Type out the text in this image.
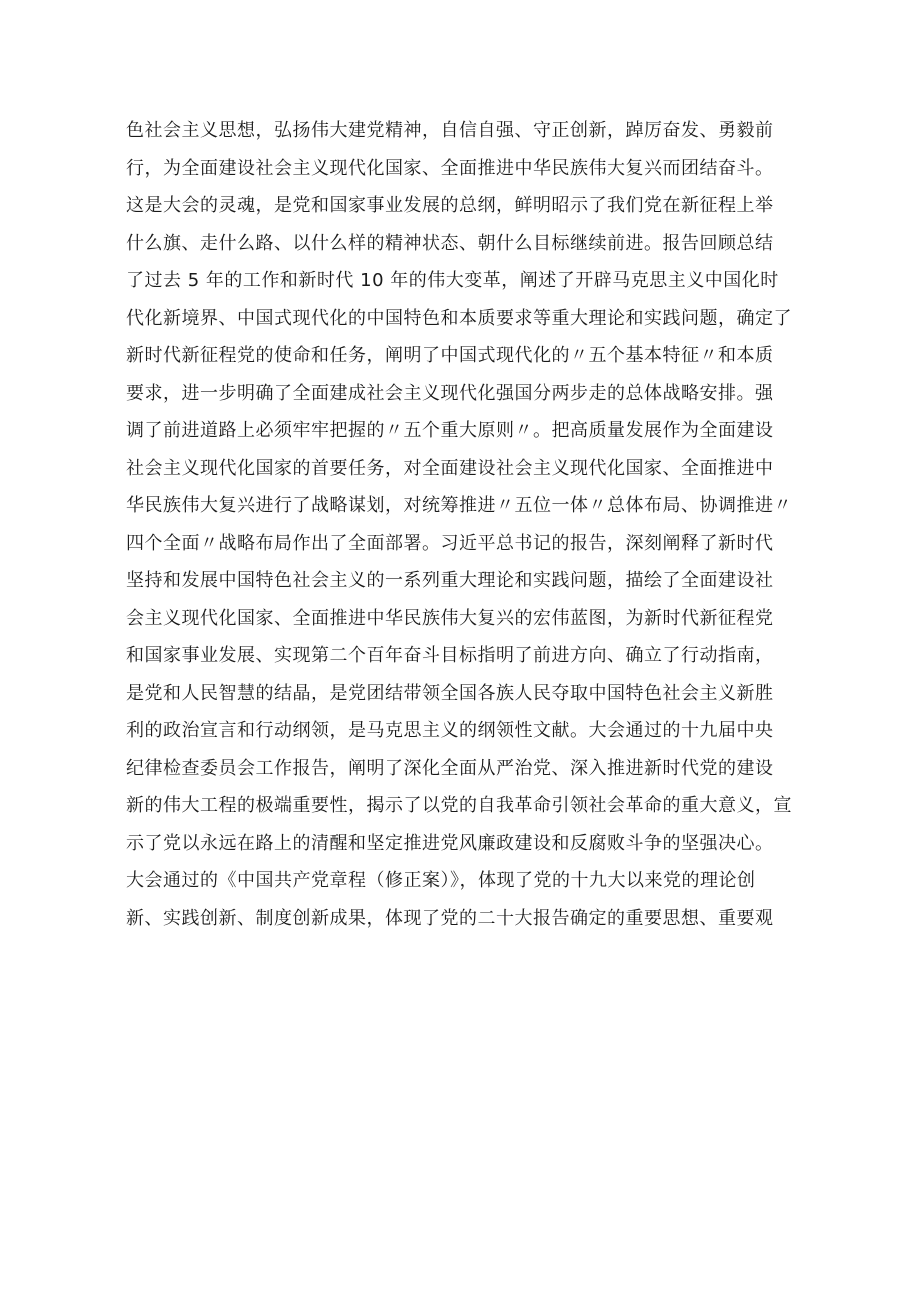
色社会主义思想，弘扬伟大建党精神，自信自强、守正创新，踔厉奋发、勇毅前
行，为全面建设社会主义现代化国家、全面推进中华民族伟大复兴而团结奋斗。
这是大会的灵魂，是党和国家事业发展的总纲，鲜明昭示了我们党在新征程上举
什么旗、走什么路、以什么样的精神状态、朝什么目标继续前进。报告回顾总结
了过去 5 年的工作和新时代 10 年的伟大变革，阐述了开辟马克思主义中国化时
代化新境界、中国式现代化的中国特色和本质要求等重大理论和实践问题，确定了
新时代新征程党的使命和任务，阐明了中国式现代化的〃五个基本特征〃和本质
要求，进一步明确了全面建成社会主义现代化强国分两步走的总体战略安排。强
调了前进道路上必须牢牢把握的〃五个重大原则〃。把高质量发展作为全面建设
社会主义现代化国家的首要任务，对全面建设社会主义现代化国家、全面推进中
华民族伟大复兴进行了战略谋划，对统筹推进〃五位一体〃总体布局、协调推进〃
四个全面〃战略布局作出了全面部署。习近平总书记的报告，深刻阐释了新时代
坚持和发展中国特色社会主义的一系列重大理论和实践问题，描绘了全面建设社
会主义现代化国家、全面推进中华民族伟大复兴的宏伟蓝图，为新时代新征程党
和国家事业发展、实现第二个百年奋斗目标指明了前进方向、确立了行动指南，
是党和人民智慧的结晶，是党团结带领全国各族人民夺取中国特色社会主义新胜
利的政治宣言和行动纲领，是马克思主义的纲领性文献。大会通过的十九届中央
纪律检查委员会工作报告，阐明了深化全面从严治党、深入推进新时代党的建设
新的伟大工程的极端重要性，揭示了以党的自我革命引领社会革命的重大意义，宣
示了党以永远在路上的清醒和坚定推进党风廉政建设和反腐败斗争的坚强决心。
大会通过的《中国共产党章程（修正案）》，体现了党的十九大以来党的理论创
新、实践创新、制度创新成果，体现了党的二十大报告确定的重要思想、重要观
